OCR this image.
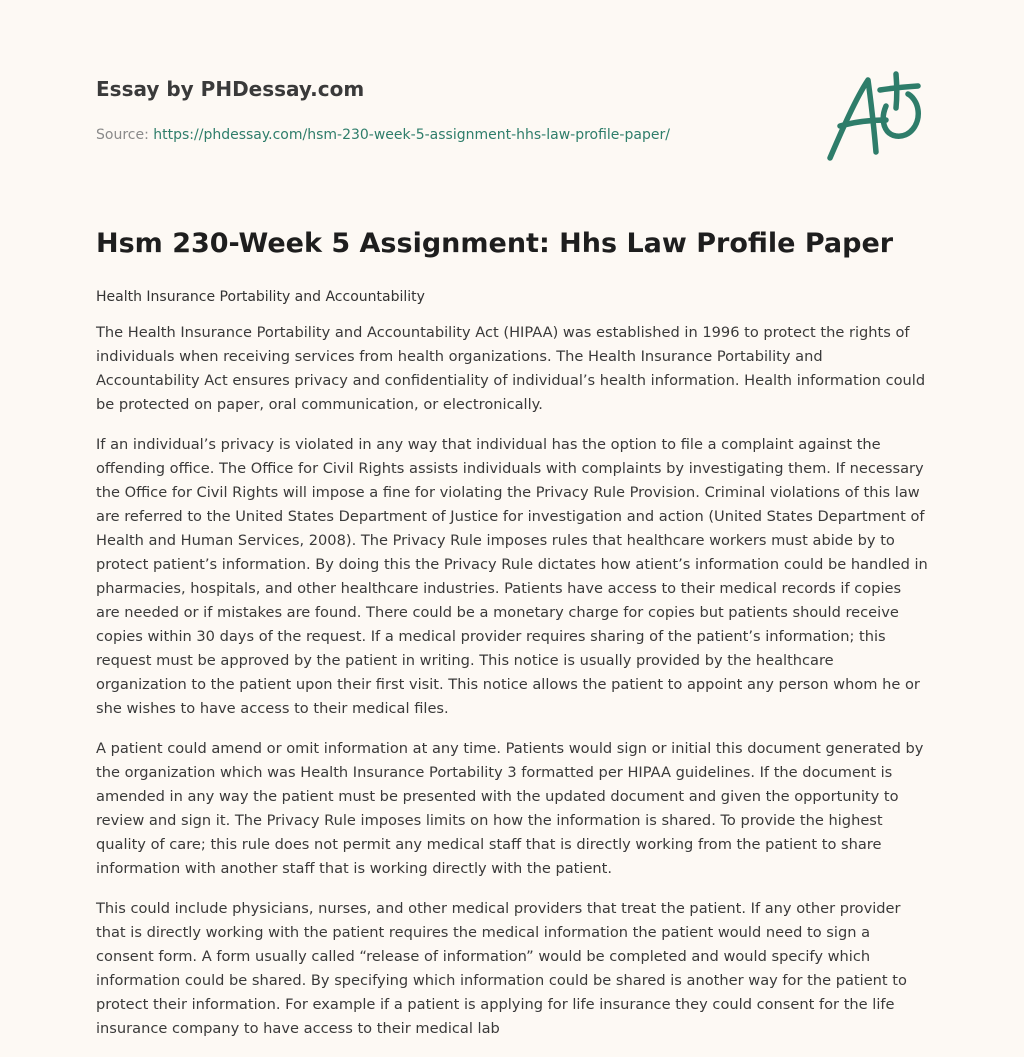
Essay by PHDessay.com
Source: https://phdessay.com/hsm-230-week-5-assignment-hhs-law-profile-paper/
Hsm 230-Week 5 Assignment: Hhs Law Profile Paper

Health Insurance Portability and Accountability

The Health Insurance Portability and Accountability Act (HIPAA) was established in 1996 to protect the rights of individuals when receiving services from health organizations. The Health Insurance Portability and Accountability Act ensures privacy and confidentiality of individual’s health information. Health information could be protected on paper, oral communication, or electronically.

If an individual’s privacy is violated in any way that individual has the option to file a complaint against the offending office. The Office for Civil Rights assists individuals with complaints by investigating them. If necessary the Office for Civil Rights will impose a fine for violating the Privacy Rule Provision. Criminal violations of this law are referred to the United States Department of Justice for investigation and action (United States Department of Health and Human Services, 2008). The Privacy Rule imposes rules that healthcare workers must abide by to protect patient’s information. By doing this the Privacy Rule dictates how atient’s information could be handled in pharmacies, hospitals, and other healthcare industries. Patients have access to their medical records if copies are needed or if mistakes are found. There could be a monetary charge for copies but patients should receive copies within 30 days of the request. If a medical provider requires sharing of the patient’s information; this request must be approved by the patient in writing. This notice is usually provided by the healthcare organization to the patient upon their first visit. This notice allows the patient to appoint any person whom he or she wishes to have access to their medical files.

A patient could amend or omit information at any time. Patients would sign or initial this document generated by the organization which was Health Insurance Portability 3 formatted per HIPAA guidelines. If the document is amended in any way the patient must be presented with the updated document and given the opportunity to review and sign it. The Privacy Rule imposes limits on how the information is shared. To provide the highest quality of care; this rule does not permit any medical staff that is directly working from the patient to share information with another staff that is working directly with the patient.

This could include physicians, nurses, and other medical providers that treat the patient. If any other provider that is directly working with the patient requires the medical information the patient would need to sign a consent form. A form usually called “release of information” would be completed and would specify which information could be shared. By specifying which information could be shared is another way for the patient to protect their information. For example if a patient is applying for life insurance they could consent for the life insurance company to have access to their medical lab
